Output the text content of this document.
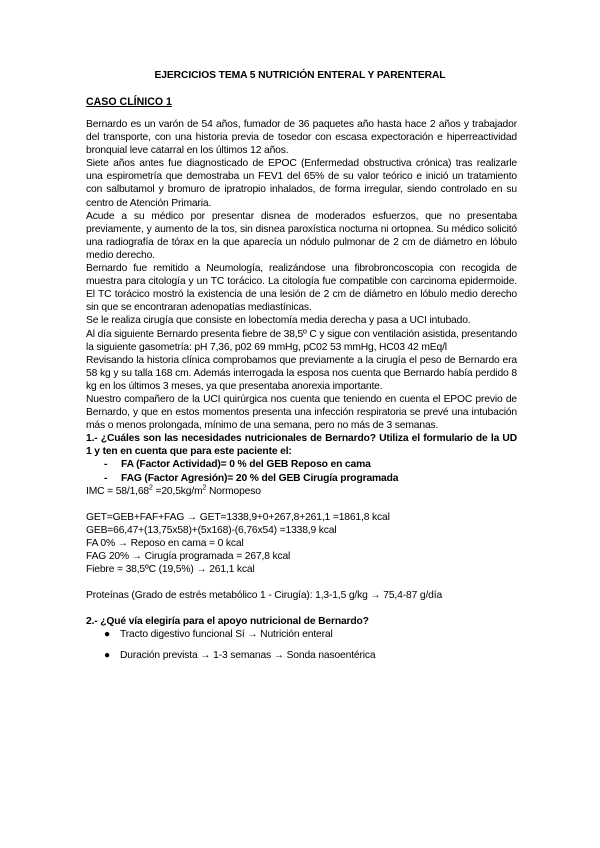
EJERCICIOS TEMA 5 NUTRICIÓN ENTERAL Y PARENTERAL
CASO CLÍNICO 1

Bernardo es un varón de 54 años, fumador de 36 paquetes año hasta hace 2 años y trabajador del transporte, con una historia previa de tosedor con escasa expectoración e hiperreactividad bronquial leve catarral en los últimos 12 años.

Siete años antes fue diagnosticado de EPOC (Enfermedad obstructiva crónica) tras realizarle una espirometría que demostraba un FEV1 del 65% de su valor teórico e inició un tratamiento con salbutamol y bromuro de ipratropio inhalados, de forma irregular, siendo controlado en su centro de Atención Primaria.

Acude a su médico por presentar disnea de moderados esfuerzos, que no presentaba previamente, y aumento de la tos, sin disnea paroxística nocturna ni ortopnea. Su médico solicitó una radiografía de tórax en la que aparecía un nódulo pulmonar de 2 cm de diámetro en lóbulo medio derecho.

Bernardo fue remitido a Neumología, realizándose una fibrobroncoscopia con recogida de muestra para citología y un TC torácico. La citología fue compatible con carcinoma epidermoide. El TC torácico mostró la existencia de una lesión de 2 cm de diámetro en lóbulo medio derecho sin que se encontraran adenopatías mediastínicas.

Se le realiza cirugía que consiste en lobectomía media derecha y pasa a UCI intubado.

Al día siguiente Bernardo presenta fiebre de 38,5º C y sigue con ventilación asistida, presentando la siguiente gasometría: pH 7,36, p02 69 mmHg, pC02 53 mmHg, HC03 42 mEq/l

Revisando la historia clínica comprobamos que previamente a la cirugía el peso de Bernardo era 58 kg y su talla 168 cm. Además interrogada la esposa nos cuenta que Bernardo había perdido 8 kg en los últimos 3 meses, ya que presentaba anorexia importante.

Nuestro compañero de la UCI quirúrgica nos cuenta que teniendo en cuenta el EPOC previo de Bernardo, y que en estos momentos presenta una infección respiratoria se prevé una intubación más o menos prolongada, mínimo de una semana, pero no más de 3 semanas.

1.- ¿Cuáles son las necesidades nutricionales de Bernardo? Utiliza el formulario de la UD 1 y ten en cuenta que para este paciente el:

- FA (Factor Actividad)= 0 % del GEB Reposo en cama
- FAG (Factor Agresión)= 20 % del GEB Cirugía programada

IMC = $58/1,68^2 =20,5kg/m^2$ Normopeso

GET=GEB+FAF+FAG → GET=1338,9+0+267,8+261,1 =1861,8 kcal

GEB=66,47+(13,75x58)+(5x168)-(6,76x54) =1338,9 kcal

FA 0% → Reposo en cama = 0 kcal

FAG 20% → Cirugía programada = 267,8 kcal

Fiebre = 38,5ºC (19,5%) → 261,1 kcal

Proteínas (Grado de estrés metabólico 1 - Cirugía): 1,3-1,5 g/kg → 75,4-87 g/día

2.- ¿Qué vía elegiría para el apoyo nutricional de Bernardo?

● Tracto digestivo funcional Sí → Nutrición enteral
● Duración prevista → 1-3 semanas → Sonda nasoentérica
